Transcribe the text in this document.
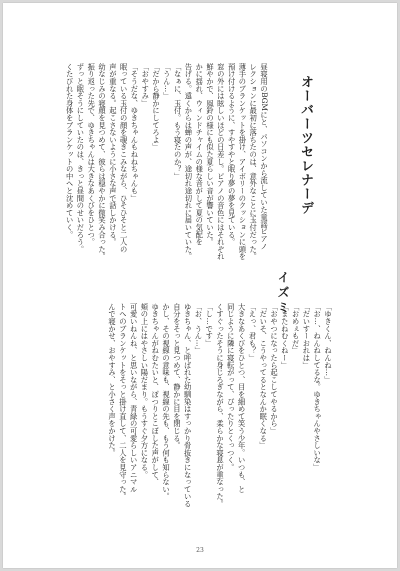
オーバーツセレナーデ
イズミ
昼寝用のBGMにと、パソコンから流していた童謡ピアノ
レクションに最初に落ちたのは、意外なことに玉付だった。
薄手のブランケットを掛け、アイボリーのクッションに頭を
預け付けるように、すやすやと眠り夢の夢を見ている。
窓の外には眩しいほどの日差し。ピアノの音色にはそれぞれ
鮮やかで、風鈴の様にも似た夏らしい音が響いていた。
かに揺れ、ウィンドチャイムの様な音がして夏の気配を
告げる。遠くからは蝉の声が、途切れ途切れに届いていた。
「なぁに、玉付。もう寝たのか？」
「うん…」
「だから静かにしてろよ」
「おやすみ」
「そうだな、ゆきちゃんもねねちゃんも」
眠っている玉付の顔を覗きこみながら、ひそひそと二人の
声が重なる。起こさないように小さな声で話しかける。
幼なじみの寝顔を見つめて、彼らは穏やかに微笑み合った。
振り返った先で、ゆきちゃんは大きなあくびをひとつ。
ずっと眠そうにしていたのは、きっと昼間のせいだろう。
くたびれた身体をブランケットの中へと沈めていく。
「ゆきくん、ねんね…」
「お…、ねんねしてるな。ゆきちゃんやさしいな」
「だいすーおれは」
「おめぇもだ」
「またねむくねー」
「おやつになったら起こしてやるから」
「だいそ、こうやってるとなんか眠くなる」
「えっ、君も？」
大きなあくびをひとつ、目を細めて笑う少年。いつも、と
同じように隣に寝転がって、ぴったりとくっつく。
くすぐったそうに身じろぎながら、柔らかな寝息が重なった。
「し…です」
「お、うん…」
ゆきちゃん、と呼ばれた幼馴染はすっかり骨抜きになっている
自分をそっと見つめて、静かに目を閉じる。
かし、その視線の意味も、視線の先も、もう何も知らない。
ゆきちゃんがねむたいと、ぽつりとこぼした声がして、
頬の上にはやさしい陽だまり。もうすぐ夕方になる。
可愛いねんね、と思いながら、青緑の可愛らしいアニマル
トへのブランケットをそっと掛け直して、二人を見守った。
んで寝かせ、おやすみ、と小さく声をかけた。
23
